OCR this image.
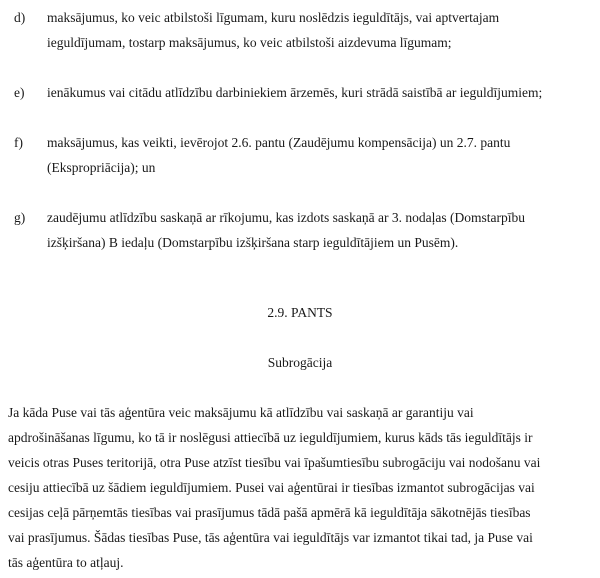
d)	maksājumus, ko veic atbilstoši līgumam, kuru noslēdzis ieguldītājs, vai aptvertajam
ieguldījumam, tostarp maksājumus, ko veic atbilstoši aizdevuma līgumam;
e)	ienākumus vai citādu atlīdzību darbiniekiem ārzemēs, kuri strādā saistībā ar ieguldījumiem;
f)	maksājumus, kas veikti, ievērojot 2.6. pantu (Zaudējumu kompensācija) un 2.7. pantu
(Ekspropriācija); un
g)	zaudējumu atlīdzību saskaņā ar rīkojumu, kas izdots saskaņā ar 3. nodaļas (Domstarpību
izšķiršana) B iedaļu (Domstarpību izšķiršana starp ieguldītājiem un Pusēm).
2.9. PANTS
Subrogācija
Ja kāda Puse vai tās aģentūra veic maksājumu kā atlīdzību vai saskaņā ar garantiju vai
apdrošināšanas līgumu, ko tā ir noslēgusi attiecībā uz ieguldījumiem, kurus kāds tās ieguldītājs ir
veicis otras Puses teritorijā, otra Puse atzīst tiesību vai īpašumtiesību subrogāciju vai nodošanu vai
cesiju attiecībā uz šādiem ieguldījumiem. Pusei vai aģentūrai ir tiesības izmantot subrogācijas vai
cesijas ceļā pārņemtās tiesības vai prasījumus tādā pašā apmērā kā ieguldītāja sākotnējās tiesības
vai prasījumus. Šādas tiesības Puse, tās aģentūra vai ieguldītājs var izmantot tikai tad, ja Puse vai
tās aģentūra to atļauj.
